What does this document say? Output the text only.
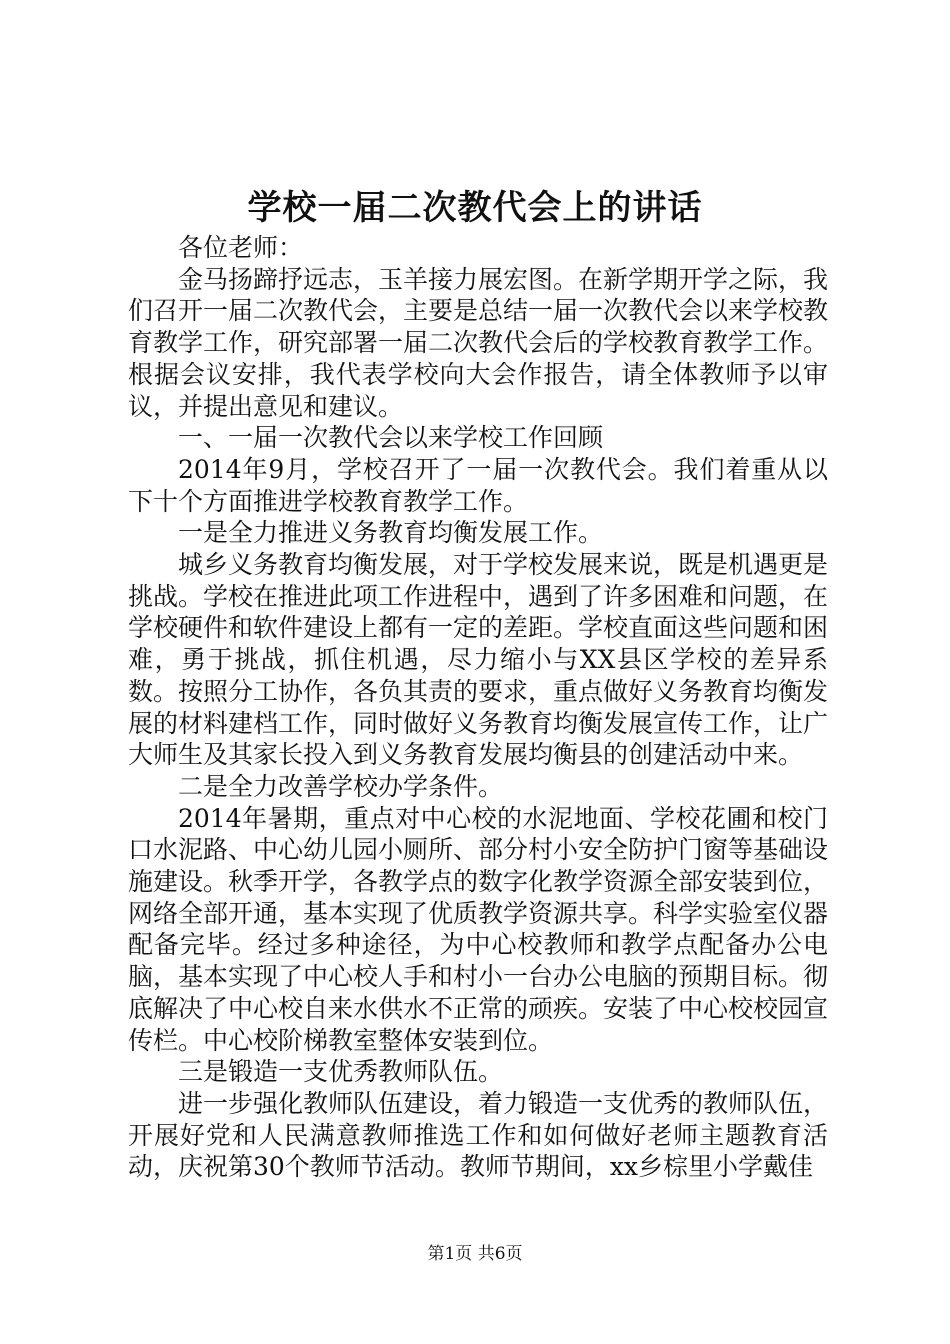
学校一届二次教代会上的讲话

各位老师：

金马扬蹄抒远志，玉羊接力展宏图。在新学期开学之际，我们召开一届二次教代会，主要是总结一届一次教代会以来学校教育教学工作，研究部署一届二次教代会后的学校教育教学工作。根据会议安排，我代表学校向大会作报告，请全体教师予以审议，并提出意见和建议。

一、一届一次教代会以来学校工作回顾

2014年9月，学校召开了一届一次教代会。我们着重从以下十个方面推进学校教育教学工作。

一是全力推进义务教育均衡发展工作。

城乡义务教育均衡发展，对于学校发展来说，既是机遇更是挑战。学校在推进此项工作进程中，遇到了许多困难和问题，在学校硬件和软件建设上都有一定的差距。学校直面这些问题和困难，勇于挑战，抓住机遇，尽力缩小与XX县区学校的差异系数。按照分工协作，各负其责的要求，重点做好义务教育均衡发展的材料建档工作，同时做好义务教育均衡发展宣传工作，让广大师生及其家长投入到义务教育发展均衡县的创建活动中来。

二是全力改善学校办学条件。

2014年暑期，重点对中心校的水泥地面、学校花圃和校门口水泥路、中心幼儿园小厕所、部分村小安全防护门窗等基础设施建设。秋季开学，各教学点的数字化教学资源全部安装到位，网络全部开通，基本实现了优质教学资源共享。科学实验室仪器配备完毕。经过多种途径，为中心校教师和教学点配备办公电脑，基本实现了中心校人手和村小一台办公电脑的预期目标。彻底解决了中心校自来水供水不正常的顽疾。安装了中心校校园宣传栏。中心校阶梯教室整体安装到位。

三是锻造一支优秀教师队伍。

进一步强化教师队伍建设，着力锻造一支优秀的教师队伍，开展好党和人民满意教师推选工作和如何做好老师主题教育活动，庆祝第30个教师节活动。教师节期间，xx乡棕里小学戴佳

第1页 共6页
